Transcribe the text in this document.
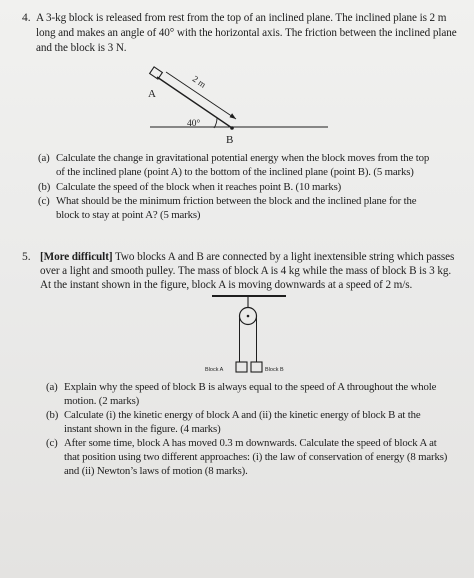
4. A 3-kg block is released from rest from the top of an inclined plane. The inclined plane is 2 m
long and makes an angle of 40° with the horizontal axis. The friction between the inclined plane
and the block is 3 N.
A
B
2 m
40°
(a) Calculate the change in gravitational potential energy when the block moves from the top
of the inclined plane (point A) to the bottom of the inclined plane (point B). (5 marks)
(b) Calculate the speed of the block when it reaches point B. (10 marks)
(c) What should be the minimum friction between the block and the inclined plane for the
block to stay at point A? (5 marks)
5. [More difficult] Two blocks A and B are connected by a light inextensible string which passes
over a light and smooth pulley. The mass of block A is 4 kg while the mass of block B is 3 kg.
At the instant shown in the figure, block A is moving downwards at a speed of 2 m/s.
Block A	Block B
(a) Explain why the speed of block B is always equal to the speed of A throughout the whole
motion. (2 marks)
(b) Calculate (i) the kinetic energy of block A and (ii) the kinetic energy of block B at the
instant shown in the figure. (4 marks)
(c) After some time, block A has moved 0.3 m downwards. Calculate the speed of block A at
that position using two different approaches: (i) the law of conservation of energy (8 marks)
and (ii) Newton’s laws of motion (8 marks).
